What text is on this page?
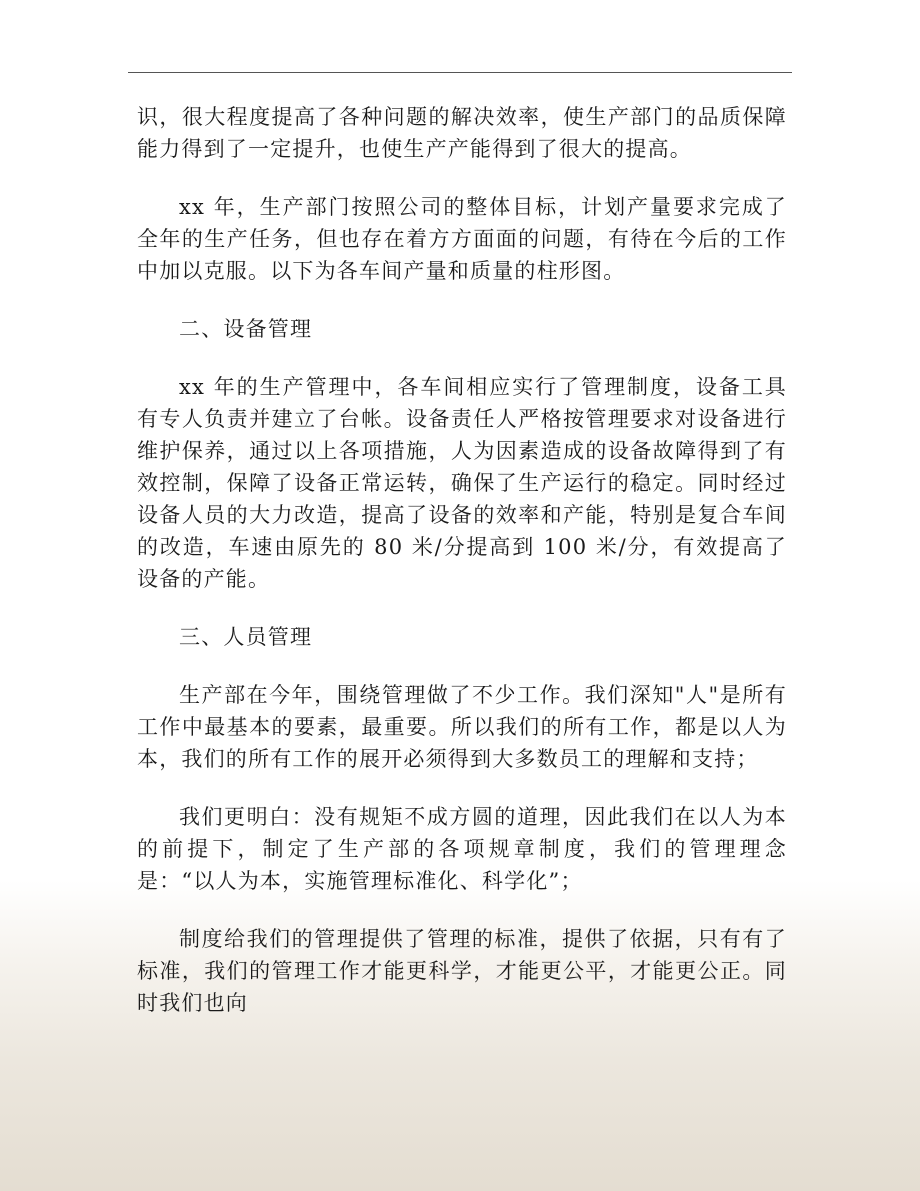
识，很大程度提高了各种问题的解决效率，使生产部门的品质保障能力得到了一定提升，也使生产产能得到了很大的提高。

xx 年，生产部门按照公司的整体目标，计划产量要求完成了全年的生产任务，但也存在着方方面面的问题，有待在今后的工作中加以克服。以下为各车间产量和质量的柱形图。

二、设备管理

xx 年的生产管理中，各车间相应实行了管理制度，设备工具有专人负责并建立了台帐。设备责任人严格按管理要求对设备进行维护保养，通过以上各项措施，人为因素造成的设备故障得到了有效控制，保障了设备正常运转，确保了生产运行的稳定。同时经过设备人员的大力改造，提高了设备的效率和产能，特别是复合车间的改造，车速由原先的 80 米/分提高到 100 米/分，有效提高了设备的产能。

三、人员管理

生产部在今年，围绕管理做了不少工作。我们深知"人"是所有工作中最基本的要素，最重要。所以我们的所有工作，都是以人为本，我们的所有工作的展开必须得到大多数员工的理解和支持；

我们更明白：没有规矩不成方圆的道理，因此我们在以人为本的前提下，制定了生产部的各项规章制度，我们的管理理念是：“以人为本，实施管理标准化、科学化”；

制度给我们的管理提供了管理的标准，提供了依据，只有有了标准，我们的管理工作才能更科学，才能更公平，才能更公正。同时我们也向
